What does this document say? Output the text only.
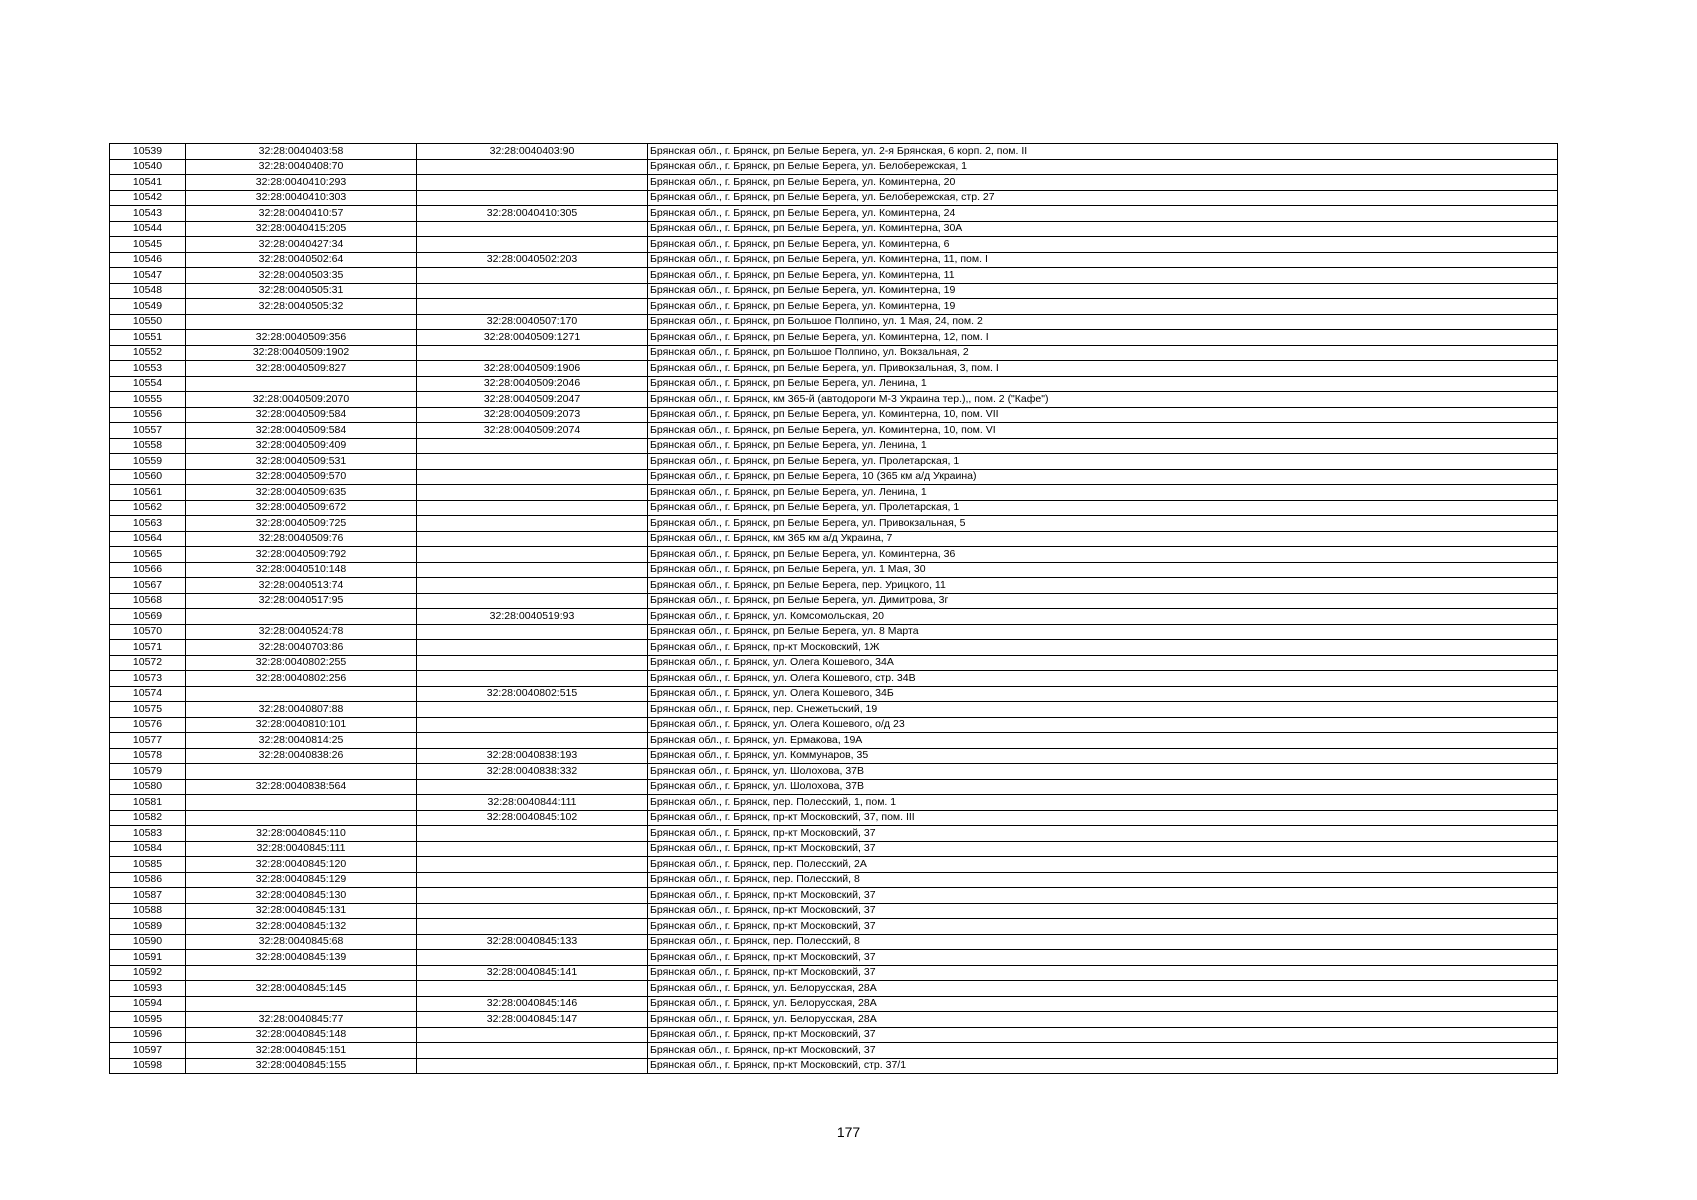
10539	32:28:0040403:58	32:28:0040403:90	Брянская обл., г. Брянск, рп Белые Берега, ул. 2-я Брянская, 6 корп. 2, пом. II
10540	32:28:0040408:70		Брянская обл., г. Брянск, рп Белые Берега, ул. Белобережская, 1
10541	32:28:0040410:293		Брянская обл., г. Брянск, рп Белые Берега, ул. Коминтерна, 20
10542	32:28:0040410:303		Брянская обл., г. Брянск, рп Белые Берега, ул. Белобережская, стр. 27
10543	32:28:0040410:57	32:28:0040410:305	Брянская обл., г. Брянск, рп Белые Берега, ул. Коминтерна, 24
10544	32:28:0040415:205		Брянская обл., г. Брянск, рп Белые Берега, ул. Коминтерна, 30А
10545	32:28:0040427:34		Брянская обл., г. Брянск, рп Белые Берега, ул. Коминтерна, 6
10546	32:28:0040502:64	32:28:0040502:203	Брянская обл., г. Брянск, рп Белые Берега, ул. Коминтерна, 11, пом. I
10547	32:28:0040503:35		Брянская обл., г. Брянск, рп Белые Берега, ул. Коминтерна, 11
10548	32:28:0040505:31		Брянская обл., г. Брянск, рп Белые Берега, ул. Коминтерна, 19
10549	32:28:0040505:32		Брянская обл., г. Брянск, рп Белые Берега, ул. Коминтерна, 19
10550		32:28:0040507:170	Брянская обл., г. Брянск, рп Большое Полпино, ул. 1 Мая, 24, пом. 2
10551	32:28:0040509:356	32:28:0040509:1271	Брянская обл., г. Брянск, рп Белые Берега, ул. Коминтерна, 12, пом. I
10552	32:28:0040509:1902		Брянская обл., г. Брянск, рп Большое Полпино, ул. Вокзальная, 2
10553	32:28:0040509:827	32:28:0040509:1906	Брянская обл., г. Брянск, рп Белые Берега, ул. Привокзальная, 3, пом. I
10554		32:28:0040509:2046	Брянская обл., г. Брянск, рп Белые Берега, ул. Ленина, 1
10555	32:28:0040509:2070	32:28:0040509:2047	Брянская обл., г. Брянск, км 365-й (автодороги М-3 Украина тер.),, пом. 2 ("Кафе")
10556	32:28:0040509:584	32:28:0040509:2073	Брянская обл., г. Брянск, рп Белые Берега, ул. Коминтерна, 10, пом. VII
10557	32:28:0040509:584	32:28:0040509:2074	Брянская обл., г. Брянск, рп Белые Берега, ул. Коминтерна, 10, пом. VI
10558	32:28:0040509:409		Брянская обл., г. Брянск, рп Белые Берега, ул. Ленина, 1
10559	32:28:0040509:531		Брянская обл., г. Брянск, рп Белые Берега, ул. Пролетарская, 1
10560	32:28:0040509:570		Брянская обл., г. Брянск, рп Белые Берега, 10 (365 км а/д Украина)
10561	32:28:0040509:635		Брянская обл., г. Брянск, рп Белые Берега, ул. Ленина, 1
10562	32:28:0040509:672		Брянская обл., г. Брянск, рп Белые Берега, ул. Пролетарская, 1
10563	32:28:0040509:725		Брянская обл., г. Брянск, рп Белые Берега, ул. Привокзальная, 5
10564	32:28:0040509:76		Брянская обл., г. Брянск, км 365 км а/д Украина, 7
10565	32:28:0040509:792		Брянская обл., г. Брянск, рп Белые Берега, ул. Коминтерна, 36
10566	32:28:0040510:148		Брянская обл., г. Брянск, рп Белые Берега, ул. 1 Мая, 30
10567	32:28:0040513:74		Брянская обл., г. Брянск, рп Белые Берега, пер. Урицкого, 11
10568	32:28:0040517:95		Брянская обл., г. Брянск, рп Белые Берега, ул. Димитрова, 3г
10569		32:28:0040519:93	Брянская обл., г. Брянск, ул. Комсомольская, 20
10570	32:28:0040524:78		Брянская обл., г. Брянск, рп Белые Берега, ул. 8 Марта
10571	32:28:0040703:86		Брянская обл., г. Брянск, пр-кт Московский, 1Ж
10572	32:28:0040802:255		Брянская обл., г. Брянск, ул. Олега Кошевого, 34А
10573	32:28:0040802:256		Брянская обл., г. Брянск, ул. Олега Кошевого, стр. 34В
10574		32:28:0040802:515	Брянская обл., г. Брянск, ул. Олега Кошевого, 34Б
10575	32:28:0040807:88		Брянская обл., г. Брянск, пер. Снежетьский, 19
10576	32:28:0040810:101		Брянская обл., г. Брянск, ул. Олега Кошевого, о/д 23
10577	32:28:0040814:25		Брянская обл., г. Брянск, ул. Ермакова, 19А
10578	32:28:0040838:26	32:28:0040838:193	Брянская обл., г. Брянск, ул. Коммунаров, 35
10579		32:28:0040838:332	Брянская обл., г. Брянск, ул. Шолохова, 37В
10580	32:28:0040838:564		Брянская обл., г. Брянск, ул. Шолохова, 37В
10581		32:28:0040844:111	Брянская обл., г. Брянск, пер. Полесский, 1, пом. 1
10582		32:28:0040845:102	Брянская обл., г. Брянск, пр-кт Московский, 37, пом. III
10583	32:28:0040845:110		Брянская обл., г. Брянск, пр-кт Московский, 37
10584	32:28:0040845:111		Брянская обл., г. Брянск, пр-кт Московский, 37
10585	32:28:0040845:120		Брянская обл., г. Брянск, пер. Полесский, 2А
10586	32:28:0040845:129		Брянская обл., г. Брянск, пер. Полесский, 8
10587	32:28:0040845:130		Брянская обл., г. Брянск, пр-кт Московский, 37
10588	32:28:0040845:131		Брянская обл., г. Брянск, пр-кт Московский, 37
10589	32:28:0040845:132		Брянская обл., г. Брянск, пр-кт Московский, 37
10590	32:28:0040845:68	32:28:0040845:133	Брянская обл., г. Брянск, пер. Полесский, 8
10591	32:28:0040845:139		Брянская обл., г. Брянск, пр-кт Московский, 37
10592		32:28:0040845:141	Брянская обл., г. Брянск, пр-кт Московский, 37
10593	32:28:0040845:145		Брянская обл., г. Брянск, ул. Белорусская, 28А
10594		32:28:0040845:146	Брянская обл., г. Брянск, ул. Белорусская, 28А
10595	32:28:0040845:77	32:28:0040845:147	Брянская обл., г. Брянск, ул. Белорусская, 28А
10596	32:28:0040845:148		Брянская обл., г. Брянск, пр-кт Московский, 37
10597	32:28:0040845:151		Брянская обл., г. Брянск, пр-кт Московский, 37
10598	32:28:0040845:155		Брянская обл., г. Брянск, пр-кт Московский, стр. 37/1
177
